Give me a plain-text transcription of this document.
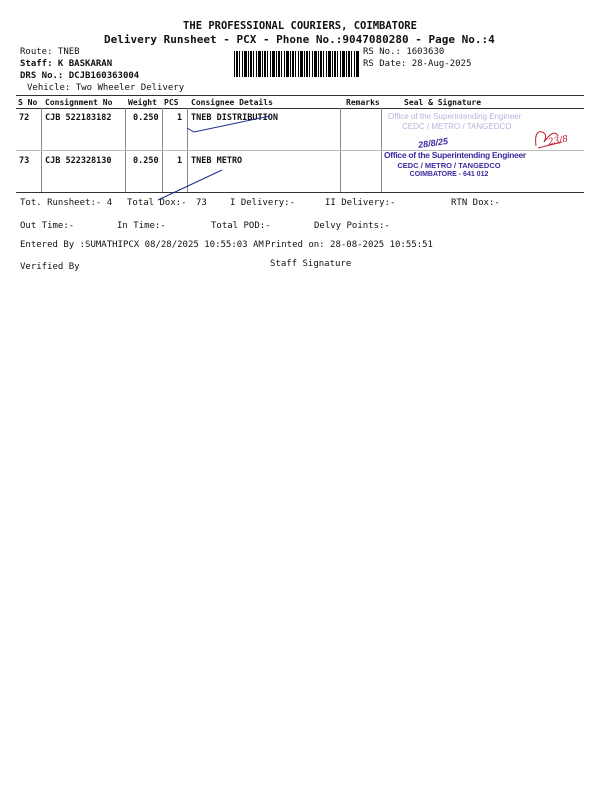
THE PROFESSIONAL COURIERS, COIMBATORE
Delivery Runsheet - PCX - Phone No.:9047080280 - Page No.:4
Route: TNEB
Staff: K BASKARAN
DRS No.: DCJB160363004
Vehicle: Two Wheeler Delivery
RS No.: 1603630
RS Date: 28-Aug-2025
S No Consignment No Weight PCS Consignee Details	Remarks	Seal & Signature
72 CJB 522183182	0.250 1 TNEB DISTRIBUTION
73 CJB 522328130	0.250 1 TNEB METRO
Office of the Superintending Engineer
CEDC / METRO / TANGEDCO
Office of the Superintending Engineer
CEDC / METRO / TANGEDCO
COIMBATORE - 641 012
28/8/25	23/8
Tot. Runsheet:- 4 Total Dox:- 73	I Delivery:-	II Delivery:-	RTN Dox:-
Out Time:-	In Time:-	Total POD:-	Delvy Points:-
Entered By :SUMATHIPCX 08/28/2025 10:55:03 AM Printed on: 28-08-2025 10:55:51
Verified By	Staff Signature
